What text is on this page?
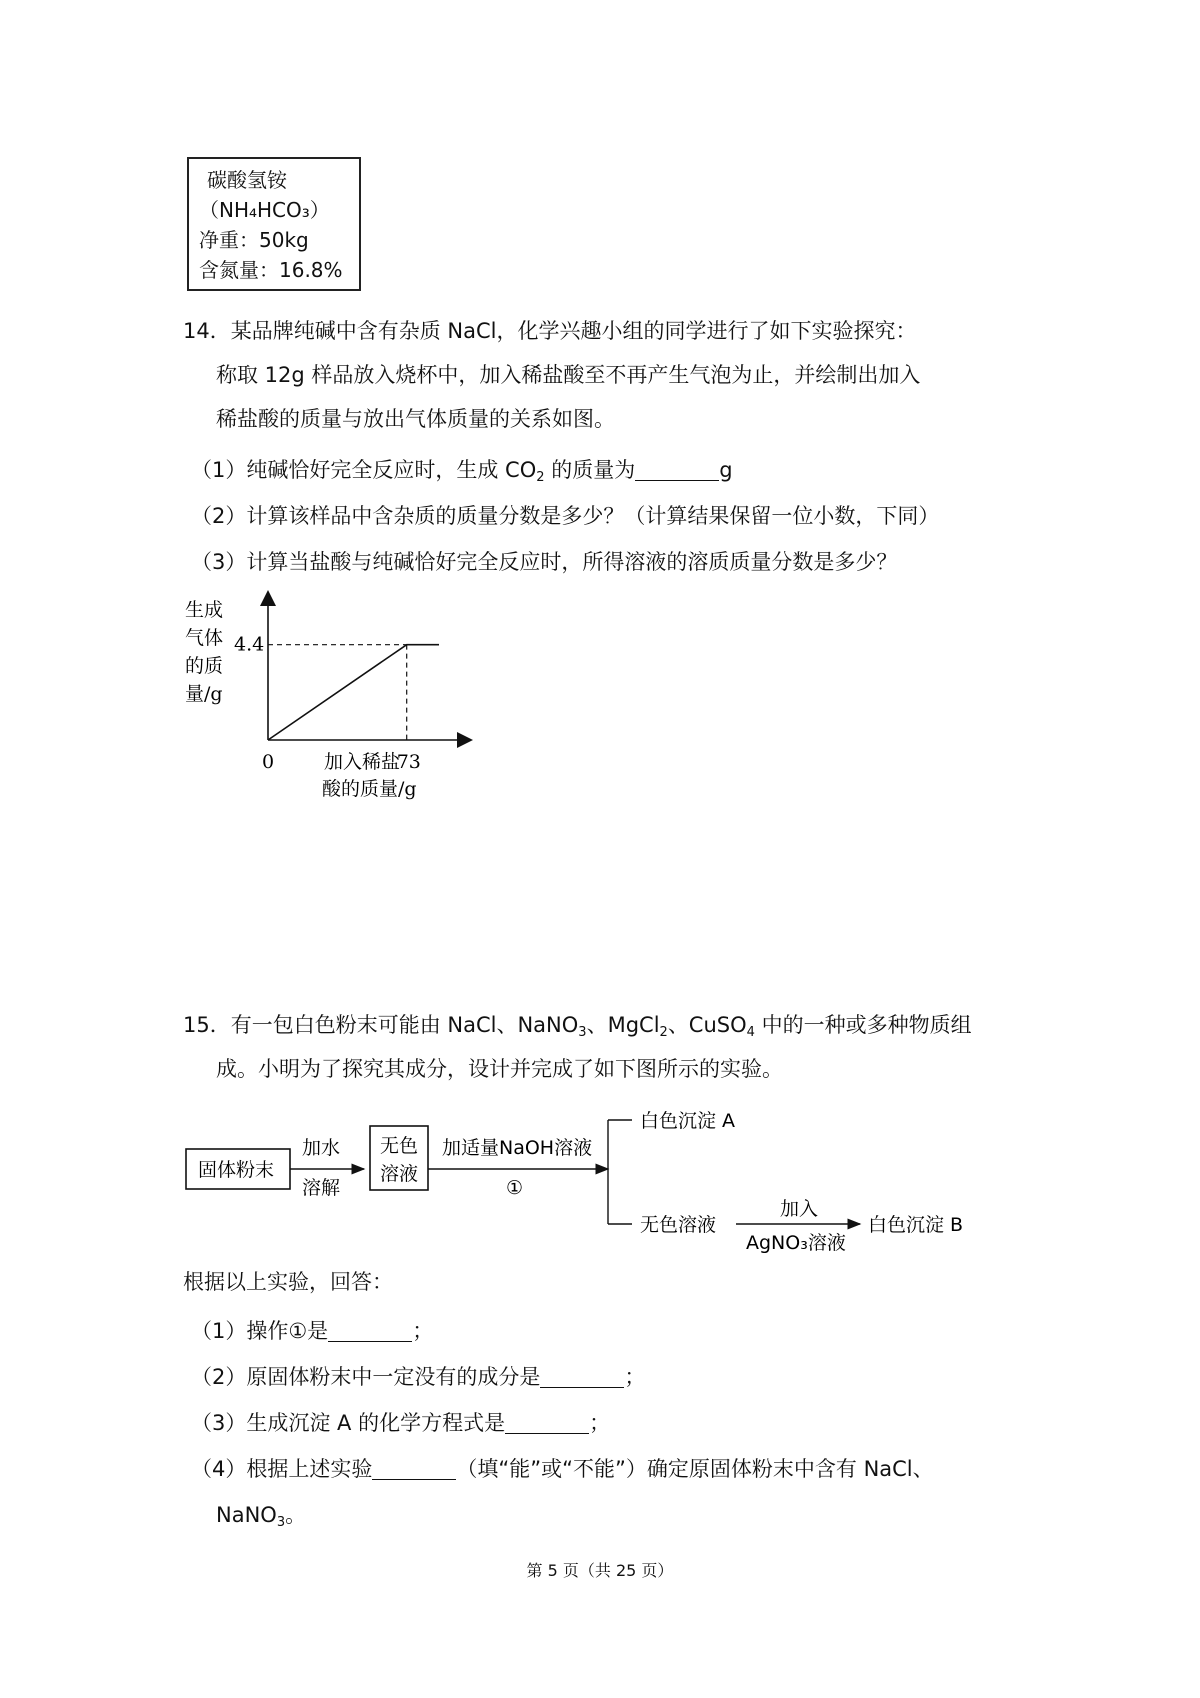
碳酸氢铵
（NH₄HCO₃）
净重：50kg
含氮量：16.8%
14．某品牌纯碱中含有杂质 NaCl，化学兴趣小组的同学进行了如下实验探究：
称取 12g 样品放入烧杯中，加入稀盐酸至不再产生气泡为止，并绘制出加入
稀盐酸的质量与放出气体质量的关系如图。
（1）纯碱恰好完全反应时，生成 $CO_2$ 的质量为	g
（2）计算该样品中含杂质的质量分数是多少？（计算结果保留一位小数，下同）
（3）计算当盐酸与纯碱恰好完全反应时，所得溶液的溶质质量分数是多少？
生成
气体
的质
量/g
4.4
0	73
加入稀盐
酸的质量/g
15．有一包白色粉末可能由 NaCl、NaNO$_3$、MgCl$_2$、CuSO$_4$ 中的一种或多种物质组
成。小明为了探究其成分，设计并完成了如下图所示的实验。
固体粉末
加水
溶解
无色
溶液
加适量NaOH溶液
①
白色沉淀 A
无色溶液
加入
AgNO₃溶液
白色沉淀 B
根据以上实验，回答：
（1）操作①是	；
（2）原固体粉末中一定没有的成分是	；
（3）生成沉淀 A 的化学方程式是	；
（4）根据上述实验	（填“能”或“不能”）确定原固体粉末中含有 NaCl、
NaNO$_3$。
第 5 页（共 25 页）
